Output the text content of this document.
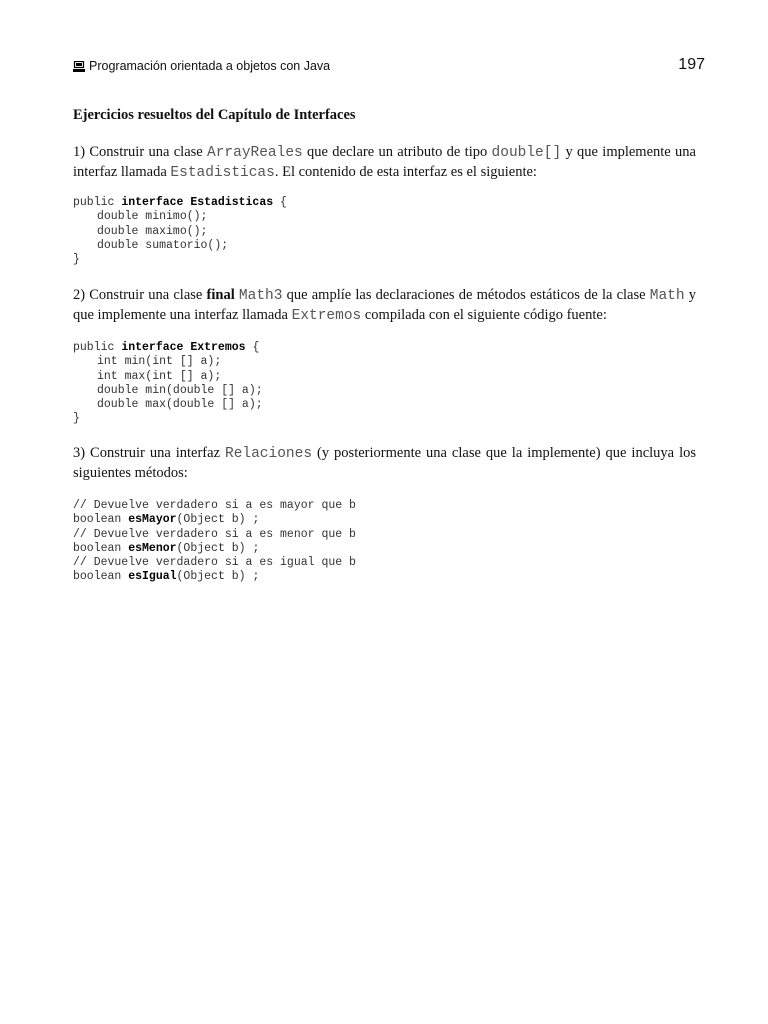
Programación orientada a objetos con Java	197
Ejercicios resueltos del Capítulo de Interfaces
1) Construir una clase ArrayReales que declare un atributo de tipo double[] y que implemente una interfaz llamada Estadisticas. El contenido de esta interfaz es el siguiente:
public interface Estadisticas {
double minimo();
double maximo();
double sumatorio();
}
2) Construir una clase final Math3 que amplíe las declaraciones de métodos estáticos de la clase Math y que implemente una interfaz llamada Extremos compilada con el siguiente código fuente:
public interface Extremos {
int min(int [] a);
int max(int [] a);
double min(double [] a);
double max(double [] a);
}
3) Construir una interfaz Relaciones (y posteriormente una clase que la implemente) que incluya los siguientes métodos:
// Devuelve verdadero si a es mayor que b
boolean esMayor(Object b) ;
// Devuelve verdadero si a es menor que b
boolean esMenor(Object b) ;
// Devuelve verdadero si a es igual que b
boolean esIgual(Object b) ;
